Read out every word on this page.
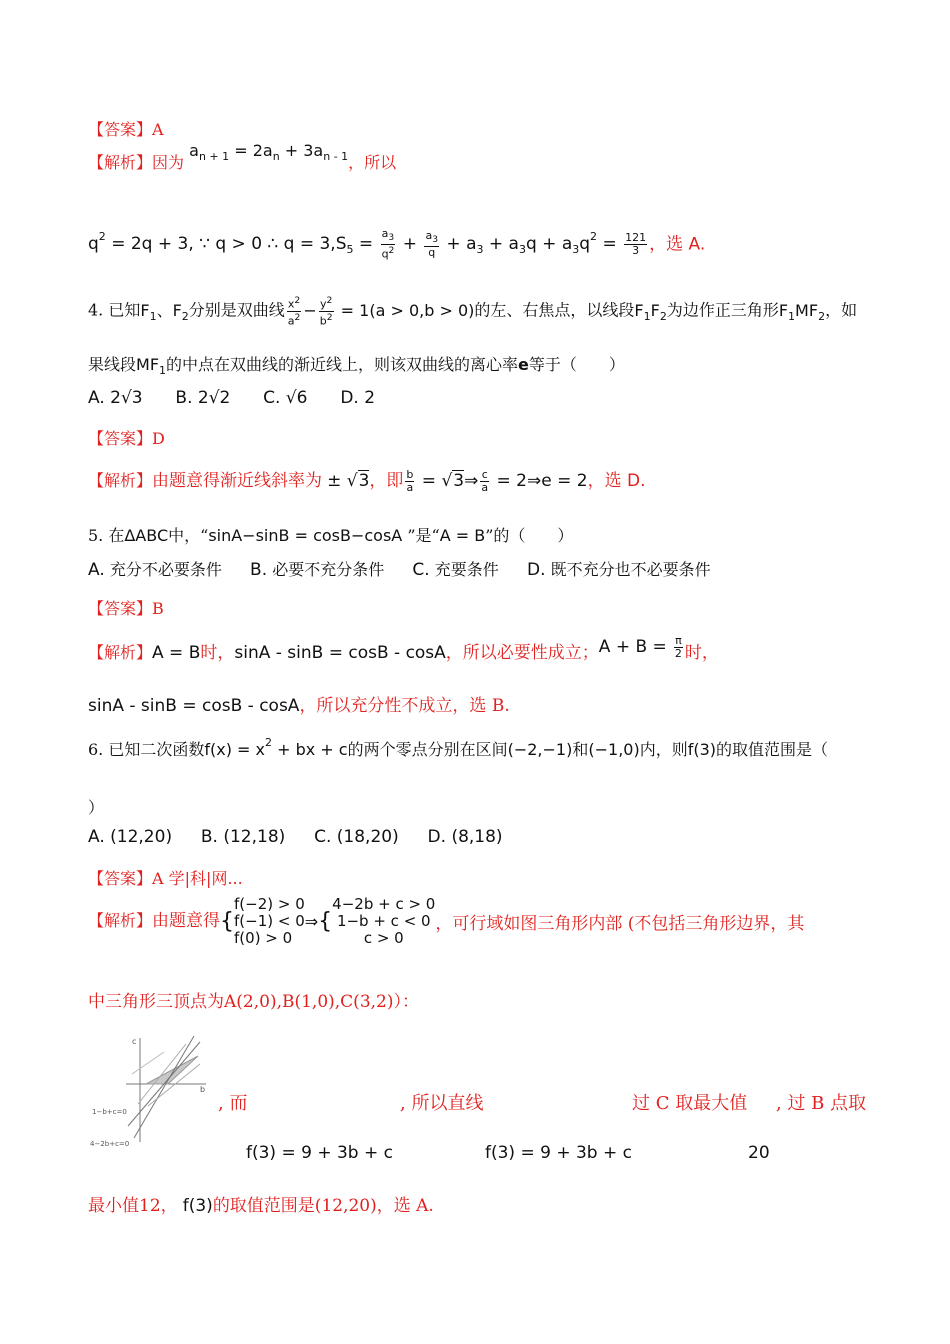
【答案】A
【解析】因为 $a_{n + 1} = 2a_n + 3a_{n - 1}$，所以
$q^2 = 2q + 3$, ∵ q > 0 ∴ $q = 3,S_5 = \frac{a_3}{q^2} + \frac{a_3}{q} + a_3 + a_3q + a_3q^2 = \frac{121}{3}$ ，选 A.
4. 已知$F_1$、$F_2$分别是双曲线 $\frac{x^2}{a^2} - \frac{y^2}{b^2} = 1(a > 0,b > 0)$的左、右焦点，以线段$F_1F_2$为边作正三角形$F_1MF_2$，如
果线段$MF_1$的中点在双曲线的渐近线上，则该双曲线的离心率e等于（　　）
A. 2√3 B. 2√2 C. √6 D. 2
【答案】D
【解析】由题意得渐近线斜率为 ± √3，即 $\frac{b}{a}$ = √3⇒ $\frac{c}{a}$ = 2⇒e = 2，选 D.
5. 在ΔABC中，“sinA−sinB = cosB−cosA ”是“A = B”的（　　）
A. 充分不必要条件 B. 必要不充分条件 C. 充要条件 D. 既不充分也不必要条件
【答案】B
【解析】A = B时，sinA - sinB = cosB - cosA，所以必要性成立；$A + B = \frac{\pi}{2}$ 时，
sinA - sinB = cosB - cosA，所以充分性不成立，选 B.
6. 已知二次函数$f(x) = x^2$ + bx + c的两个零点分别在区间(−2,−1)和(−1,0)内，则f(3)的取值范围是（
）
A. (12,20) B. (12,18) C. (18,20) D. (8,18)
【答案】A 学|科|网...
【解析】由题意得{
f(−2) > 0
f(−1) < 0
f(0) > 0
⇒{
4−2b + c > 0
1−b + c < 0
c > 0
，可行域如图三角形内部 (不包括三角形边界，其
中三角形三顶点为A(2,0),B(1,0),C(3,2)）：
c
b
1−b+c=0
4−2b+c=0
, 而	, 所以直线	过 C 取最大值 , 过 B 点取
f(3) = 9 + 3b + c	f(3) = 9 + 3b + c	20
最小值12， f(3)的取值范围是(12,20)，选 A.
